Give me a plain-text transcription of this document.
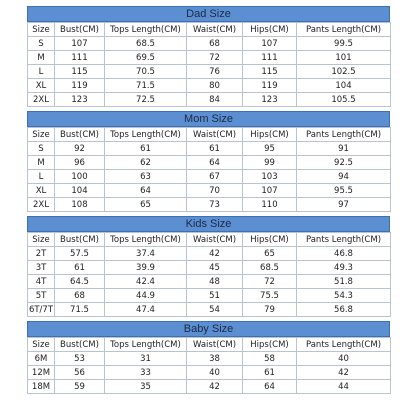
Dad Size
Size	Bust(CM)	Tops Length(CM)	Waist(CM)	Hips(CM)	Pants Length(CM)
S	107	68.5	68	107	99.5
M	111	69.5	72	111	101
L	115	70.5	76	115	102.5
XL	119	71.5	80	119	104
2XL	123	72.5	84	123	105.5
Mom Size
Size	Bust(CM)	Tops Length(CM)	Waist(CM)	Hips(CM)	Pants Length(CM)
S	92	61	61	95	91
M	96	62	64	99	92.5
L	100	63	67	103	94
XL	104	64	70	107	95.5
2XL	108	65	73	110	97
Kids Size
Size	Bust(CM)	Tops Length(CM)	Waist(CM)	Hips(CM)	Pants Length(CM)
2T	57.5	37.4	42	65	46.8
3T	61	39.9	45	68.5	49.3
4T	64.5	42.4	48	72	51.8
5T	68	44.9	51	75.5	54.3
6T/7T	71.5	47.4	54	79	56.8
Baby Size
Size	Bust(CM)	Tops Length(CM)	Waist(CM)	Hips(CM)	Pants Length(CM)
6M	53	31	38	58	40
12M	56	33	40	61	42
18M	59	35	42	64	44
